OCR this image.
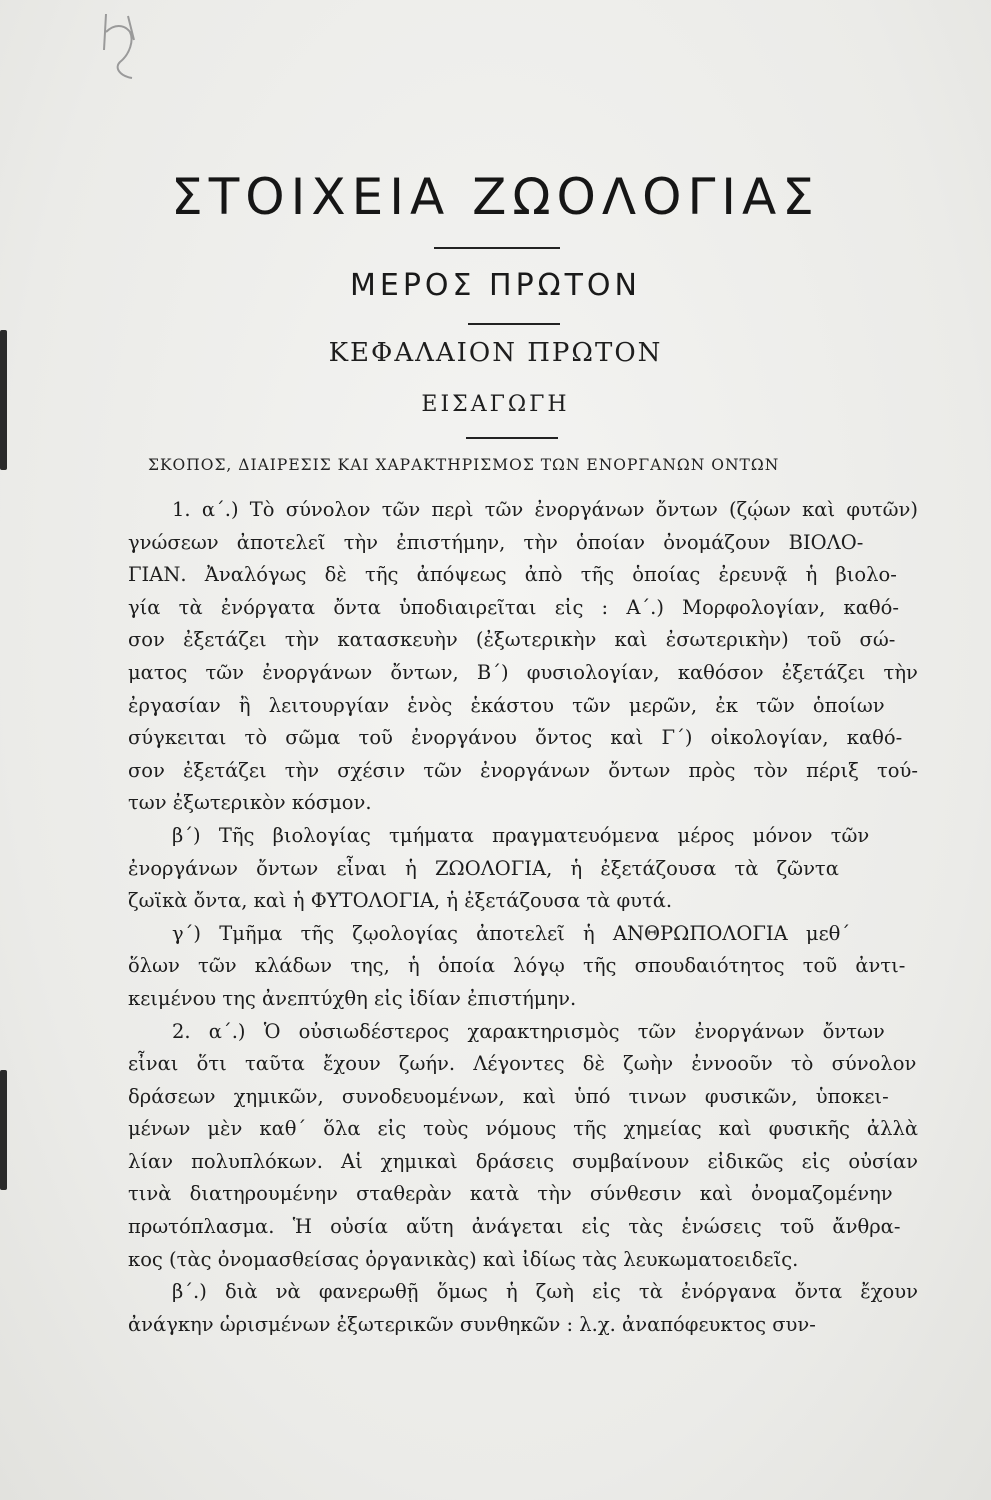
ΣΤΟΙΧΕΙΑ ΖΩΟΛΟΓΙΑΣ
ΜΕΡΟΣ ΠΡΩΤΟΝ
ΚΕΦΑΛΑΙΟΝ ΠΡΩΤΟΝ
ΕΙΣΑΓΩΓΗ
ΣΚΟΠΟΣ, ΔΙΑΙΡΕΣΙΣ ΚΑΙ ΧΑΡΑΚΤΗΡΙΣΜΟΣ ΤΩΝ ΕΝΟΡΓΑΝΩΝ ΟΝΤΩΝ
1. α΄.) Τὸ σύνολον τῶν περὶ τῶν ἐνοργάνων ὄντων (ζῴων καὶ φυτῶν)
γνώσεων ἀποτελεῖ τὴν ἐπιστήμην, τὴν ὁποίαν ὀνομάζουν ΒΙΟΛΟ-
ΓΙΑΝ. Ἀναλόγως δὲ τῆς ἀπόψεως ἀπὸ τῆς ὁποίας ἐρευνᾷ ἡ βιολο-
γία τὰ ἐνόργατα ὄντα ὑποδιαιρεῖται εἰς : Α΄.) Μορφολογίαν, καθό-
σον ἐξετάζει τὴν κατασκευὴν (ἐξωτερικὴν καὶ ἐσωτερικὴν) τοῦ σώ-
ματος τῶν ἐνοργάνων ὄντων, Β΄) φυσιολογίαν, καθόσον ἐξετάζει τὴν
ἐργασίαν ἢ λειτουργίαν ἑνὸς ἑκάστου τῶν μερῶν, ἐκ τῶν ὁποίων
σύγκειται τὸ σῶμα τοῦ ἐνοργάνου ὄντος καὶ Γ΄) οἰκολογίαν, καθό-
σον ἐξετάζει τὴν σχέσιν τῶν ἐνοργάνων ὄντων πρὸς τὸν πέριξ τού-
των ἐξωτερικὸν κόσμον.
β΄) Τῆς βιολογίας τμήματα πραγματευόμενα μέρος μόνον τῶν
ἐνοργάνων ὄντων εἶναι ἡ ΖΩΟΛΟΓΙΑ, ἡ ἐξετάζουσα τὰ ζῶντα
ζωϊκὰ ὄντα, καὶ ἡ ΦΥΤΟΛΟΓΙΑ, ἡ ἐξετάζουσα τὰ φυτά.
γ΄) Τμῆμα τῆς ζῳολογίας ἀποτελεῖ ἡ ΑΝΘΡΩΠΟΛΟΓΙΑ μεθ΄
ὅλων τῶν κλάδων της, ἡ ὁποία λόγῳ τῆς σπουδαιότητος τοῦ ἀντι-
κειμένου της ἀνεπτύχθη εἰς ἰδίαν ἐπιστήμην.
2. α΄.) Ὁ οὐσιωδέστερος χαρακτηρισμὸς τῶν ἐνοργάνων ὄντων
εἶναι ὅτι ταῦτα ἔχουν ζωήν. Λέγοντες δὲ ζωὴν ἐννοοῦν τὸ σύνολον
δράσεων χημικῶν, συνοδευομένων, καὶ ὑπό τινων φυσικῶν, ὑποκει-
μένων μὲν καθ΄ ὅλα εἰς τοὺς νόμους τῆς χημείας καὶ φυσικῆς ἀλλὰ
λίαν πολυπλόκων. Αἱ χημικαὶ δράσεις συμβαίνουν εἰδικῶς εἰς οὐσίαν
τινὰ διατηρουμένην σταθερὰν κατὰ τὴν σύνθεσιν καὶ ὀνομαζομένην
πρωτόπλασμα. Ἡ οὐσία αὕτη ἀνάγεται εἰς τὰς ἑνώσεις τοῦ ἄνθρα-
κος (τὰς ὀνομασθείσας ὀργανικὰς) καὶ ἰδίως τὰς λευκωματοειδεῖς.
β΄.) διὰ νὰ φανερωθῇ ὅμως ἡ ζωὴ εἰς τὰ ἐνόργανα ὄντα ἔχουν
ἀνάγκην ὡρισμένων ἐξωτερικῶν συνθηκῶν : λ.χ. ἀναπόφευκτος συν-
